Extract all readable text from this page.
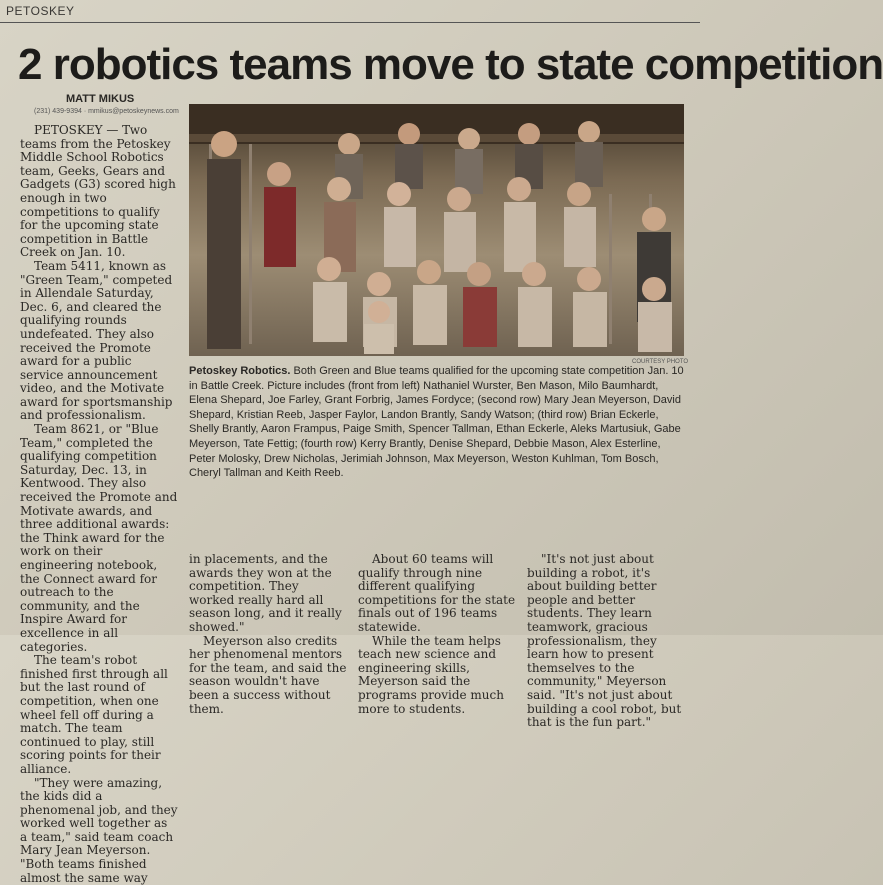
PETOSKEY
2 robotics teams move to state competition
MATT MIKUS
(231) 439-9394 · mmikus@petoskeynews.com

PETOSKEY — Two teams from the Petoskey Middle School Robotics team, Geeks, Gears and Gadgets (G3) scored high enough in two competitions to qualify for the upcoming state competition in Battle Creek on Jan. 10.

Team 5411, known as "Green Team," competed in Allendale Saturday, Dec. 6, and cleared the qualifying rounds undefeated. They also received the Promote award for a public service announcement video, and the Motivate award for sportsmanship and professionalism.

Team 8621, or "Blue Team," completed the qualifying competition Saturday, Dec. 13, in Kentwood. They also received the Promote and Motivate awards, and three additional awards: the Think award for the work on their engineering notebook, the Connect award for outreach to the community, and the Inspire Award for excellence in all categories.

The team's robot finished first through all but the last round of competition, when one wheel fell off during a match. The team continued to play, still scoring points for their alliance.

"They were amazing, the kids did a phenomenal job, and they worked well together as a team," said team coach Mary Jean Meyerson. "Both teams finished almost the same way

COURTESY PHOTO
Petoskey Robotics. Both Green and Blue teams qualified for the upcoming state competition Jan. 10 in Battle Creek. Picture includes (front from left) Nathaniel Wurster, Ben Mason, Milo Baumhardt, Elena Shepard, Joe Farley, Grant Forbrig, James Fordyce; (second row) Mary Jean Meyerson, David Shepard, Kristian Reeb, Jasper Faylor, Landon Brantly, Sandy Watson; (third row) Brian Eckerle, Shelly Brantly, Aaron Frampus, Paige Smith, Spencer Tallman, Ethan Eckerle, Aleks Martusiuk, Gabe Meyerson, Tate Fettig; (fourth row) Kerry Brantly, Denise Shepard, Debbie Mason, Alex Esterline, Peter Molosky, Drew Nicholas, Jerimiah Johnson, Max Meyerson, Weston Kuhlman, Tom Bosch, Cheryl Tallman and Keith Reeb.

in placements, and the awards they won at the competition. They worked really hard all season long, and it really showed."

Meyerson also credits her phenomenal mentors for the team, and said the season wouldn't have been a success without them.

About 60 teams will qualify through nine different qualifying competitions for the state finals out of 196 teams statewide.

While the team helps teach new science and engineering skills, Meyerson said the programs provide much more to students.

"It's not just about building a robot, it's about building better people and better students. They learn teamwork, gracious professionalism, they learn how to present themselves to the community," Meyerson said. "It's not just about building a cool robot, but that is the fun part."
